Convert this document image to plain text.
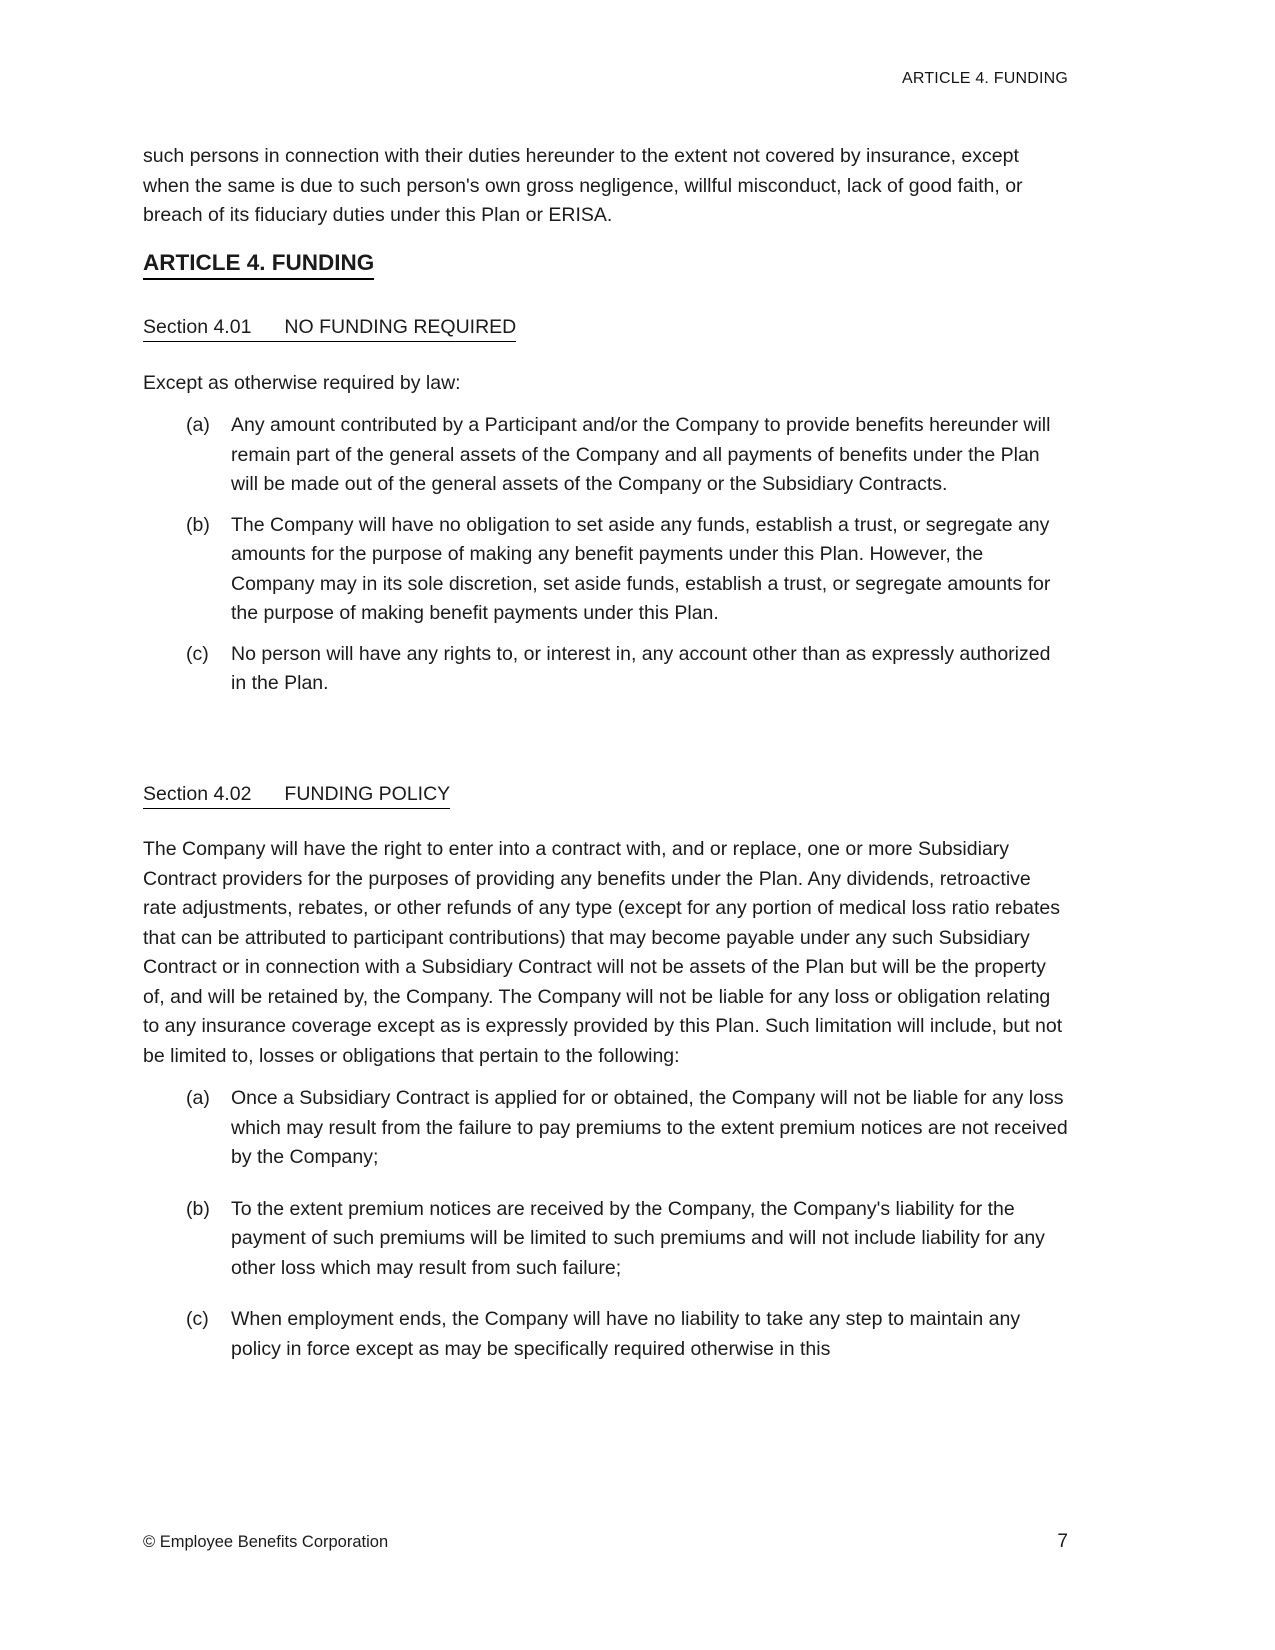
ARTICLE 4. FUNDING

such persons in connection with their duties hereunder to the extent not covered by insurance, except when the same is due to such person's own gross negligence, willful misconduct, lack of good faith, or breach of its fiduciary duties under this Plan or ERISA.

ARTICLE 4. FUNDING
Section 4.01 NO FUNDING REQUIRED

Except as otherwise required by law:

(a)	Any amount contributed by a Participant and/or the Company to provide benefits hereunder will remain part of the general assets of the Company and all payments of benefits under the Plan will be made out of the general assets of the Company or the Subsidiary Contracts.
(b)	The Company will have no obligation to set aside any funds, establish a trust, or segregate any amounts for the purpose of making any benefit payments under this Plan. However, the Company may in its sole discretion, set aside funds, establish a trust, or segregate amounts for the purpose of making benefit payments under this Plan.
(c)	No person will have any rights to, or interest in, any account other than as expressly authorized in the Plan.
Section 4.02 FUNDING POLICY

The Company will have the right to enter into a contract with, and or replace, one or more Subsidiary Contract providers for the purposes of providing any benefits under the Plan. Any dividends, retroactive rate adjustments, rebates, or other refunds of any type (except for any portion of medical loss ratio rebates that can be attributed to participant contributions) that may become payable under any such Subsidiary Contract or in connection with a Subsidiary Contract will not be assets of the Plan but will be the property of, and will be retained by, the Company. The Company will not be liable for any loss or obligation relating to any insurance coverage except as is expressly provided by this Plan. Such limitation will include, but not be limited to, losses or obligations that pertain to the following:

(a)	Once a Subsidiary Contract is applied for or obtained, the Company will not be liable for any loss which may result from the failure to pay premiums to the extent premium notices are not received by the Company;
(b)	To the extent premium notices are received by the Company, the Company's liability for the payment of such premiums will be limited to such premiums and will not include liability for any other loss which may result from such failure;
(c)	When employment ends, the Company will have no liability to take any step to maintain any policy in force except as may be specifically required otherwise in this
© Employee Benefits Corporation	7
